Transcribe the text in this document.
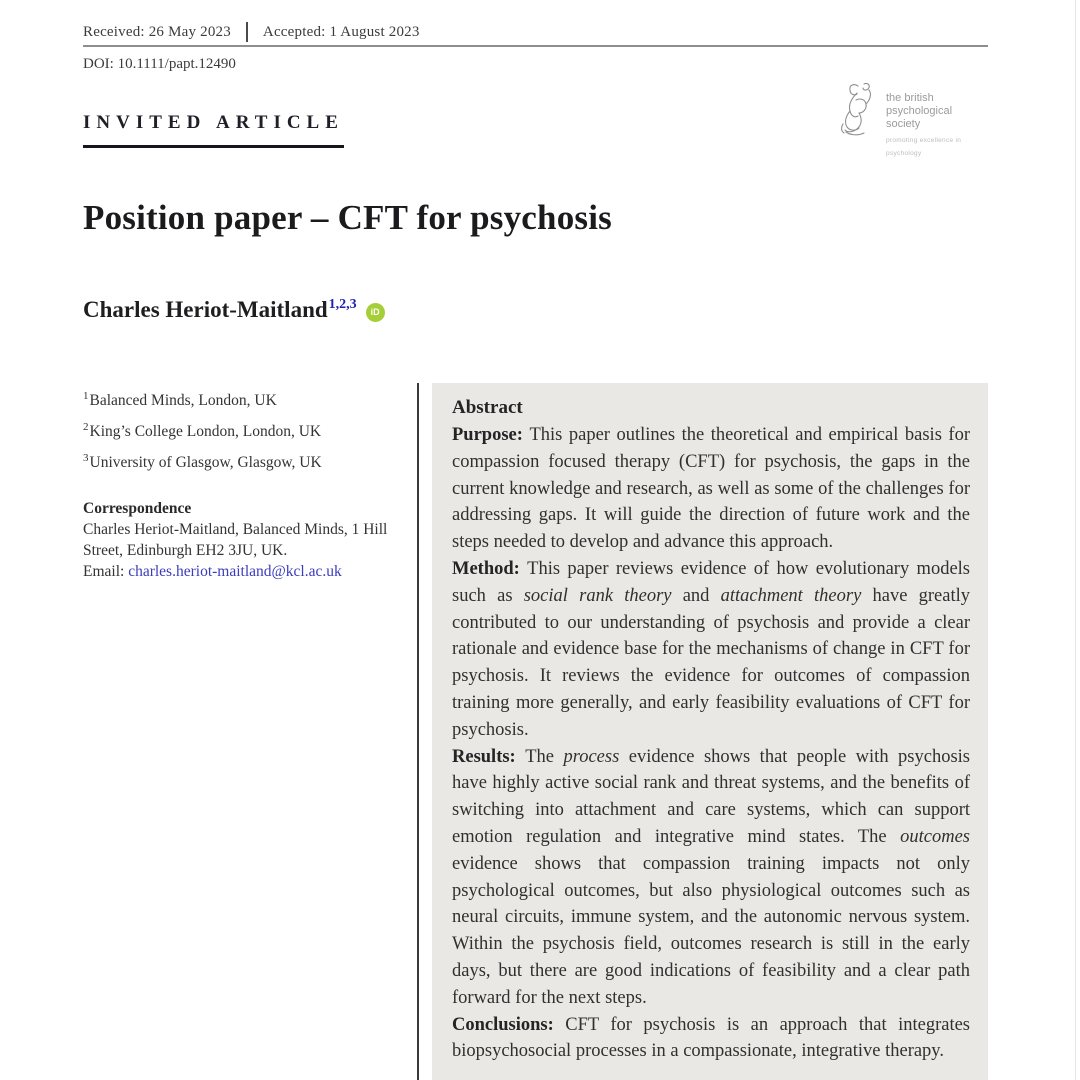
Received: 26 May 2023 Accepted: 1 August 2023
DOI: 10.1111/papt.12490
the british
psychological society
promoting excellence in psychology
INVITED ARTICLE
Position paper – CFT for psychosis
Charles Heriot-Maitland1,2,3 iD
$^1$Balanced Minds, London, UK
$^2$King’s College London, London, UK
$^3$University of Glasgow, Glasgow, UK
Correspondence
Charles Heriot-Maitland, Balanced Minds, 1 Hill Street, Edinburgh EH2 3JU, UK.
Email: charles.heriot-maitland@kcl.ac.uk
Abstract

Purpose: This paper outlines the theoretical and empirical basis for compassion focused therapy (CFT) for psychosis, the gaps in the current knowledge and research, as well as some of the challenges for addressing gaps. It will guide the direction of future work and the steps needed to develop and advance this approach.

Method: This paper reviews evidence of how evolutionary models such as social rank theory and attachment theory have greatly contributed to our understanding of psychosis and provide a clear rationale and evidence base for the mechanisms of change in CFT for psychosis. It reviews the evidence for outcomes of compassion training more generally, and early feasibility evaluations of CFT for psychosis.

Results: The process evidence shows that people with psychosis have highly active social rank and threat systems, and the benefits of switching into attachment and care systems, which can support emotion regulation and integrative mind states. The outcomes evidence shows that compassion training impacts not only psychological outcomes, but also physiological outcomes such as neural circuits, immune system, and the autonomic nervous system. Within the psychosis field, outcomes research is still in the early days, but there are good indications of feasibility and a clear path forward for the next steps.

Conclusions: CFT for psychosis is an approach that integrates biopsychosocial processes in a compassionate, integrative therapy.
